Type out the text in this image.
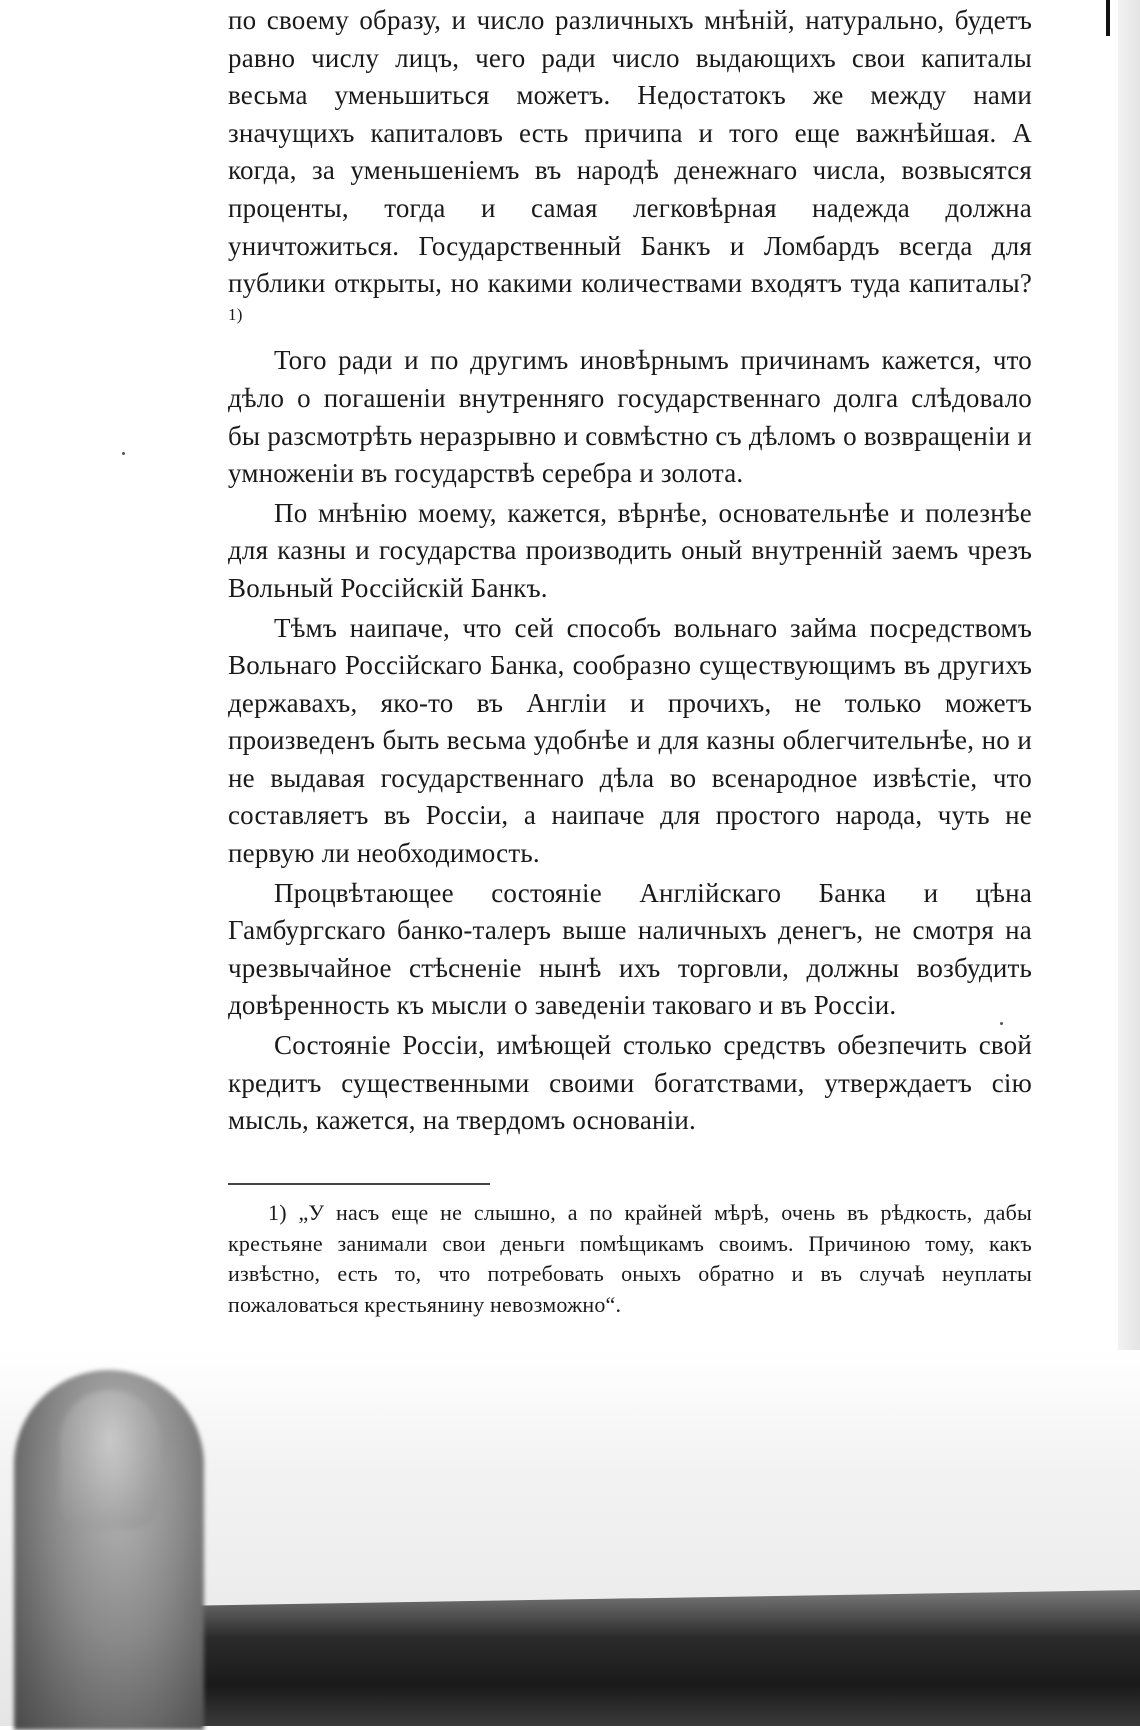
по своему образу, и число различныхъ мнѣній, натурально, будетъ равно числу лицъ, чего ради число выдающихъ свои капиталы весьма уменьшиться можетъ. Недостатокъ же между нами значущихъ капиталовъ есть причипа и того еще важнѣйшая. А когда, за уменьшеніемъ въ народѣ денежнаго числа, возвысятся проценты, тогда и самая легковѣрная надежда должна уничтожиться. Государственный Банкъ и Ломбардъ всегда для публики открыты, но какими количествами входятъ туда капиталы? $^{1)}$

Того ради и по другимъ иновѣрнымъ причинамъ кажется, что дѣло о погашеніи внутренняго государственнаго долга слѣдовало бы разсмотрѣть неразрывно и совмѣстно съ дѣломъ о возвращеніи и умноженіи въ государствѣ серебра и золота.

По мнѣнію моему, кажется, вѣрнѣе, основательнѣе и полезнѣе для казны и государства производить оный внутренній заемъ чрезъ Вольный Россійскій Банкъ.

Тѣмъ наипаче, что сей способъ вольнаго займа посредствомъ Вольнаго Россійскаго Банка, сообразно существующимъ въ другихъ державахъ, яко-то въ Англіи и прочихъ, не только можетъ произведенъ быть весьма удобнѣе и для казны облегчительнѣе, но и не выдавая государственнаго дѣла во всенародное извѣстіе, что составляетъ въ Россіи, а наипаче для простого народа, чуть не первую ли необходимость.

Процвѣтающее состояніе Англійскаго Банка и цѣна Гамбургскаго банко-талеръ выше наличныхъ денегъ, не смотря на чрезвычайное стѣсненіе нынѣ ихъ торговли, должны возбудить довѣренность къ мысли о заведеніи таковаго и въ Россіи.

Состояніе Россіи, имѣющей столько средствъ обезпечить свой кредитъ существенными своими богатствами, утверждаетъ сію мысль, кажется, на твердомъ основаніи.

1) „У насъ еще не слышно, а по крайней мѣрѣ, очень въ рѣдкость, дабы крестьяне занимали свои деньги помѣщикамъ своимъ. Причиною тому, какъ извѣстно, есть то, что потребовать оныхъ обратно и въ случаѣ неуплаты пожаловаться крестьянину невозможно“.
